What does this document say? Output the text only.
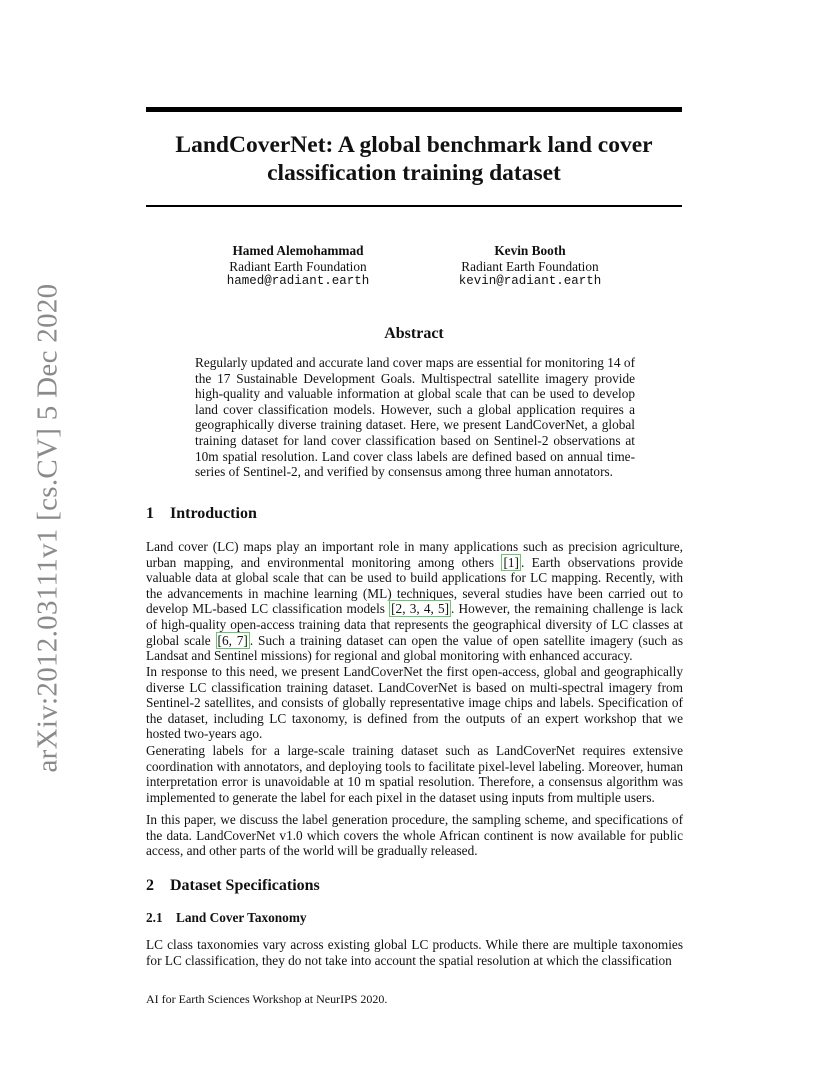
arXiv:2012.03111v1 [cs.CV] 5 Dec 2020
LandCoverNet: A global benchmark land cover classification training dataset
Hamed Alemohammad
Radiant Earth Foundation
hamed@radiant.earth
Kevin Booth
Radiant Earth Foundation
kevin@radiant.earth
Abstract

Regularly updated and accurate land cover maps are essential for monitoring 14 of the 17 Sustainable Development Goals. Multispectral satellite imagery provide high-quality and valuable information at global scale that can be used to develop land cover classification models. However, such a global application requires a geographically diverse training dataset. Here, we present LandCoverNet, a global training dataset for land cover classification based on Sentinel-2 observations at 10m spatial resolution. Land cover class labels are defined based on annual time-series of Sentinel-2, and verified by consensus among three human annotators.

1 Introduction

Land cover (LC) maps play an important role in many applications such as precision agriculture, urban mapping, and environmental monitoring among others [1] . Earth observations provide valuable data at global scale that can be used to build applications for LC mapping. Recently, with the advancements in machine learning (ML) techniques, several studies have been carried out to develop ML-based LC classification models [2, 3, 4, 5] . However, the remaining challenge is lack of high-quality open-access training data that represents the geographical diversity of LC classes at global scale [6, 7] . Such a training dataset can open the value of open satellite imagery (such as Landsat and Sentinel missions) for regional and global monitoring with enhanced accuracy.

In response to this need, we present LandCoverNet the first open-access, global and geographically diverse LC classification training dataset. LandCoverNet is based on multi-spectral imagery from Sentinel-2 satellites, and consists of globally representative image chips and labels. Specification of the dataset, including LC taxonomy, is defined from the outputs of an expert workshop that we hosted two-years ago.

Generating labels for a large-scale training dataset such as LandCoverNet requires extensive coordination with annotators, and deploying tools to facilitate pixel-level labeling. Moreover, human interpretation error is unavoidable at 10 m spatial resolution. Therefore, a consensus algorithm was implemented to generate the label for each pixel in the dataset using inputs from multiple users.

In this paper, we discuss the label generation procedure, the sampling scheme, and specifications of the data. LandCoverNet v1.0 which covers the whole African continent is now available for public access, and other parts of the world will be gradually released.

2 Dataset Specifications
2.1 Land Cover Taxonomy

LC class taxonomies vary across existing global LC products. While there are multiple taxonomies for LC classification, they do not take into account the spatial resolution at which the classification

AI for Earth Sciences Workshop at NeurIPS 2020.
